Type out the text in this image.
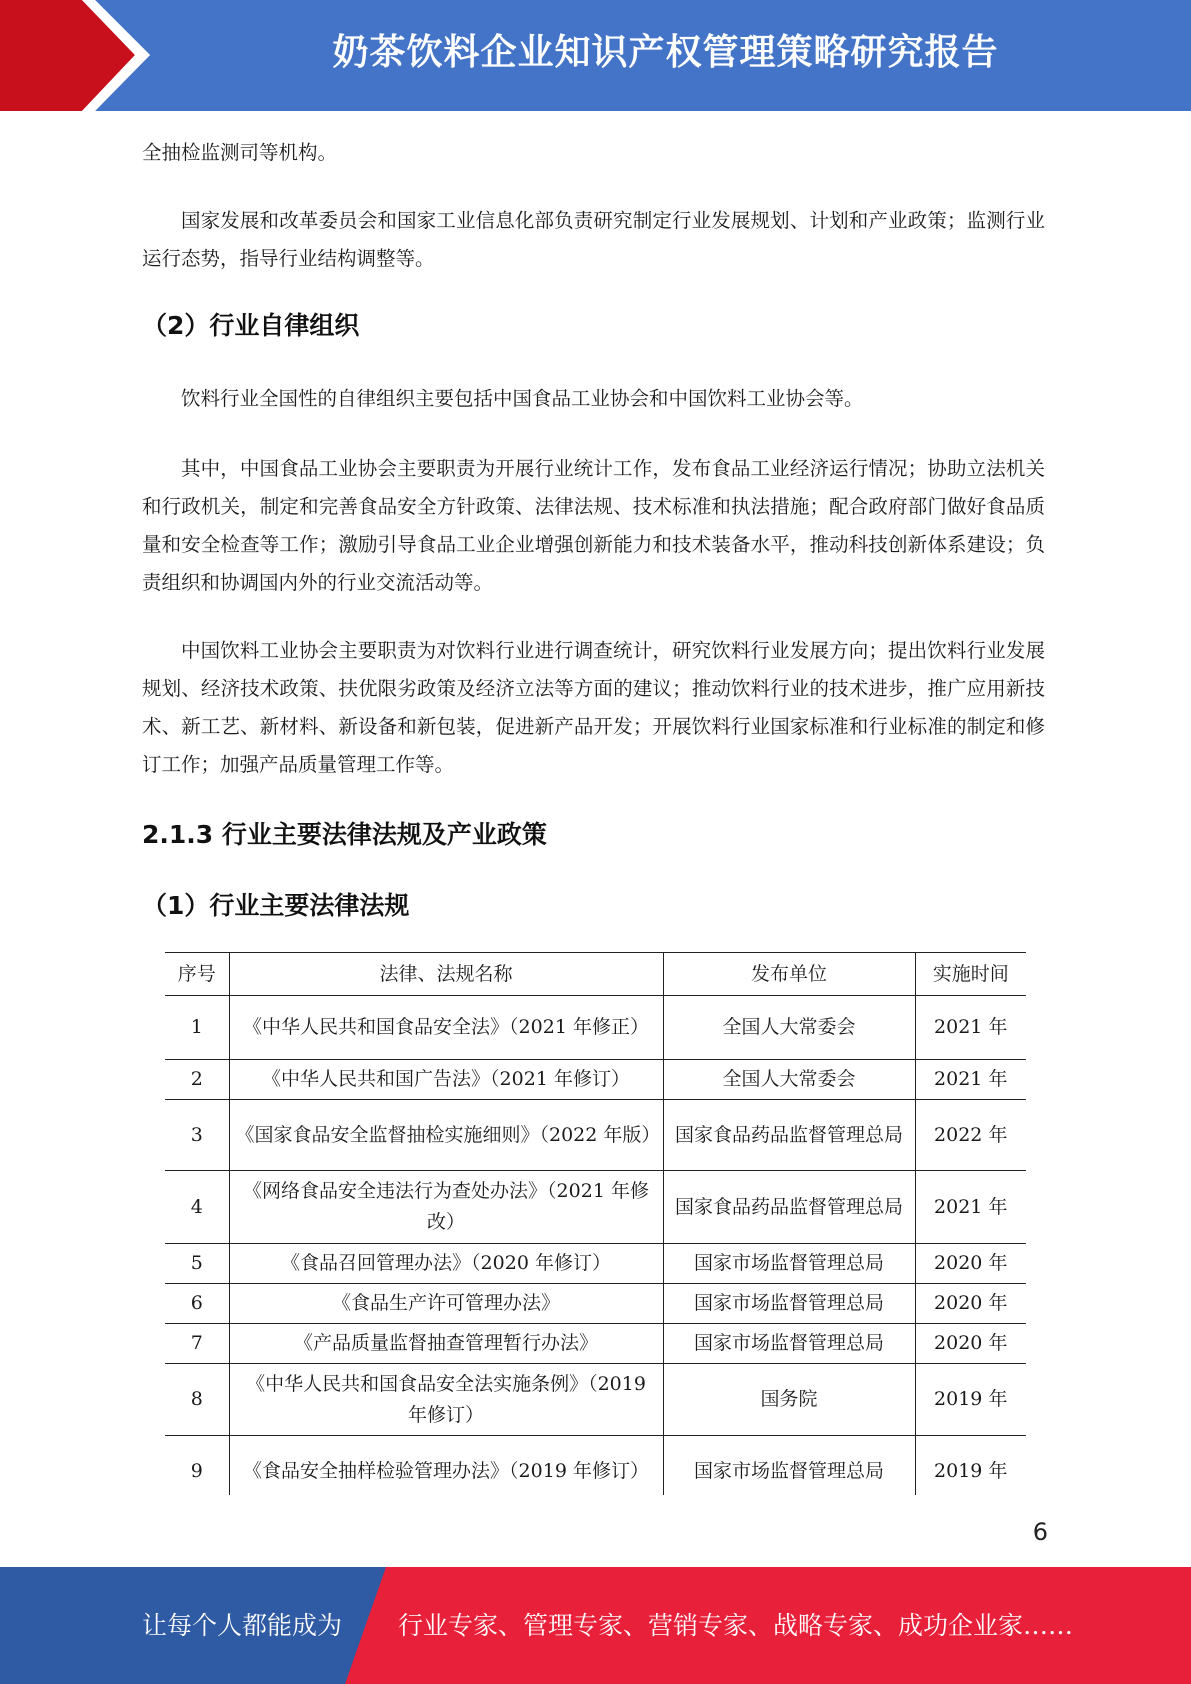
奶茶饮料企业知识产权管理策略研究报告

全抽检监测司等机构。

国家发展和改革委员会和国家工业信息化部负责研究制定行业发展规划、计划和产业政策；监测行业运行态势，指导行业结构调整等。

（2）行业自律组织

饮料行业全国性的自律组织主要包括中国食品工业协会和中国饮料工业协会等。

其中，中国食品工业协会主要职责为开展行业统计工作，发布食品工业经济运行情况；协助立法机关和行政机关，制定和完善食品安全方针政策、法律法规、技术标准和执法措施；配合政府部门做好食品质量和安全检查等工作；激励引导食品工业企业增强创新能力和技术装备水平，推动科技创新体系建设；负责组织和协调国内外的行业交流活动等。

中国饮料工业协会主要职责为对饮料行业进行调查统计，研究饮料行业发展方向；提出饮料行业发展规划、经济技术政策、扶优限劣政策及经济立法等方面的建议；推动饮料行业的技术进步，推广应用新技术、新工艺、新材料、新设备和新包装，促进新产品开发；开展饮料行业国家标准和行业标准的制定和修订工作；加强产品质量管理工作等。

2.1.3 行业主要法律法规及产业政策
（1）行业主要法律法规
序号	法律、法规名称	发布单位	实施时间
1	《中华人民共和国食品安全法》（2021 年修正）	全国人大常委会	2021 年
2	《中华人民共和国广告法》（2021 年修订）	全国人大常委会	2021 年
3	《国家食品安全监督抽检实施细则》（2022 年版）	国家食品药品监督管理总局	2022 年
4	《网络食品安全违法行为查处办法》（2021 年修改）	国家食品药品监督管理总局	2021 年
5	《食品召回管理办法》（2020 年修订）	国家市场监督管理总局	2020 年
6	《食品生产许可管理办法》	国家市场监督管理总局	2020 年
7	《产品质量监督抽查管理暂行办法》	国家市场监督管理总局	2020 年
8	《中华人民共和国食品安全法实施条例》（2019 年修订）	国务院	2019 年
9	《食品安全抽样检验管理办法》（2019 年修订）	国家市场监督管理总局	2019 年
6
让每个人都能成为 行业专家、管理专家、营销专家、战略专家、成功企业家……
